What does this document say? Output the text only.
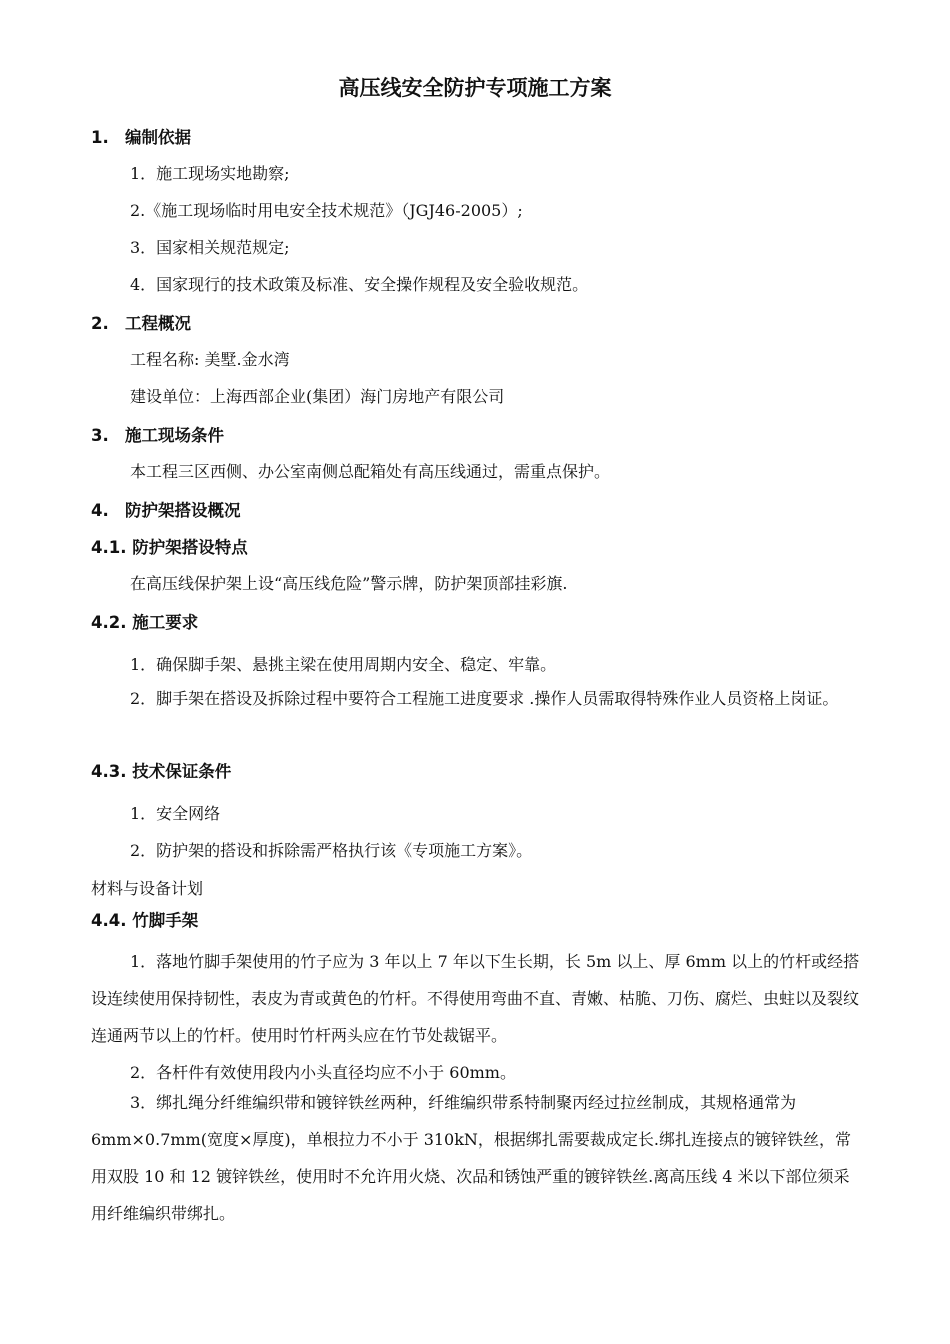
高压线安全防护专项施工方案
1. 编制依据
1．施工现场实地勘察;
2.《施工现场临时用电安全技术规范》（JGJ46-2005）;
3．国家相关规范规定;
4．国家现行的技术政策及标准、安全操作规程及安全验收规范。
2. 工程概况
工程名称: 美墅.金水湾
建设单位：上海西部企业(集团）海门房地产有限公司
3. 施工现场条件
本工程三区西侧、办公室南侧总配箱处有高压线通过，需重点保护。
4. 防护架搭设概况
4.1. 防护架搭设特点
在高压线保护架上设“高压线危险”警示牌，防护架顶部挂彩旗.
4.2. 施工要求
1．确保脚手架、悬挑主梁在使用周期内安全、稳定、牢靠。
2．脚手架在搭设及拆除过程中要符合工程施工进度要求 .操作人员需取得特殊作业人员资格上岗证。
4.3. 技术保证条件
1．安全网络
2．防护架的搭设和拆除需严格执行该《专项施工方案》。
材料与设备计划
4.4. 竹脚手架
1．落地竹脚手架使用的竹子应为 3 年以上 7 年以下生长期，长 5m 以上、厚 6mm 以上的竹杆或经搭设连续使用保持韧性，表皮为青或黄色的竹杆。不得使用弯曲不直、青嫩、枯脆、刀伤、腐烂、虫蛀以及裂纹连通两节以上的竹杆。使用时竹杆两头应在竹节处裁锯平。
2．各杆件有效使用段内小头直径均应不小于 60mm。
3．绑扎绳分纤维编织带和镀锌铁丝两种，纤维编织带系特制聚丙经过拉丝制成，其规格通常为 6mm×0.7mm(宽度×厚度)，单根拉力不小于 310kN，根据绑扎需要裁成定长.绑扎连接点的镀锌铁丝，常用双股 10 和 12 镀锌铁丝，使用时不允许用火烧、次品和锈蚀严重的镀锌铁丝.离高压线 4 米以下部位须采用纤维编织带绑扎。
